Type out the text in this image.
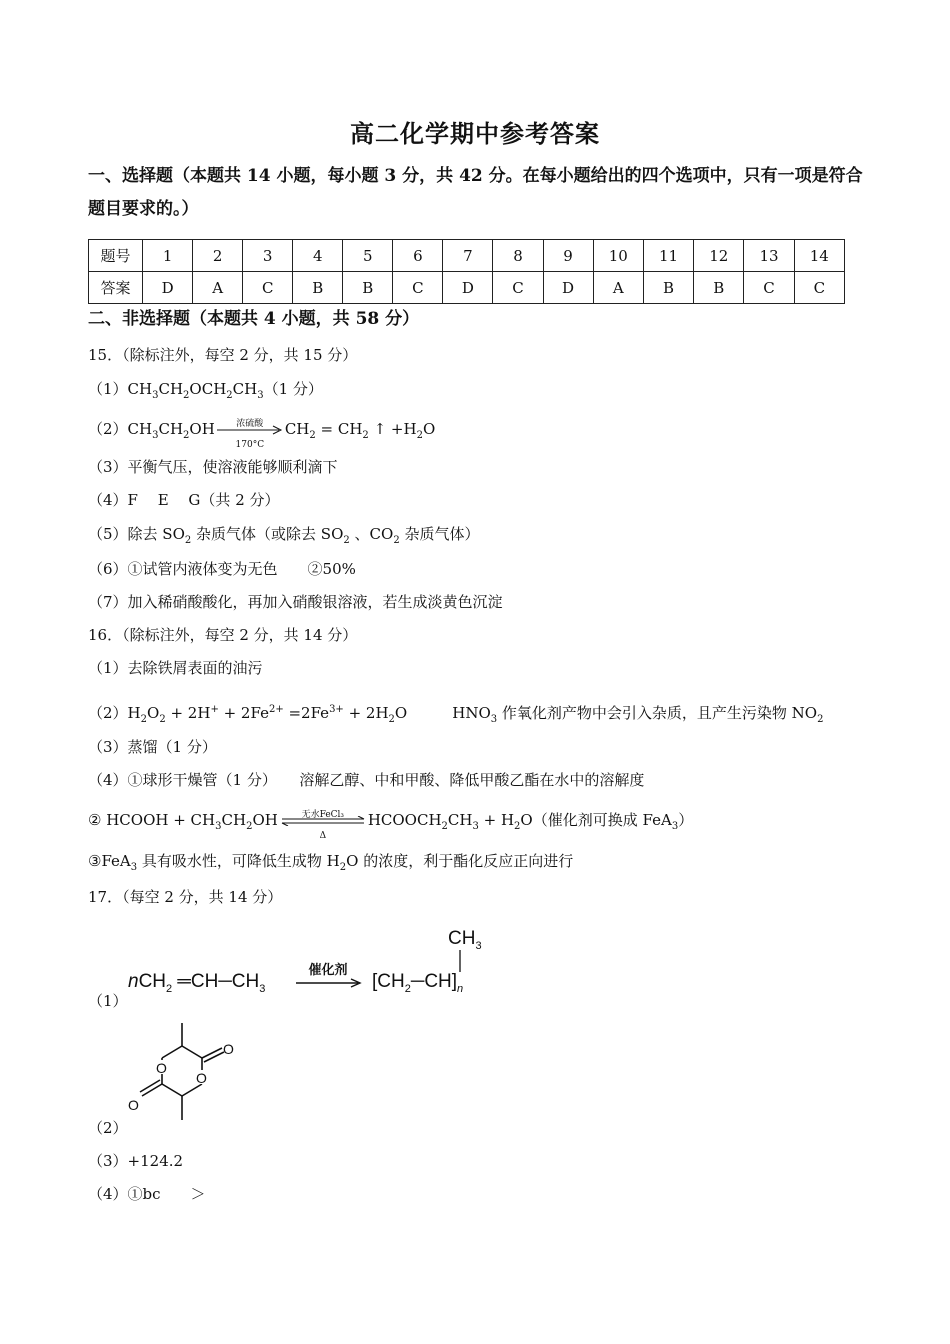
高二化学期中参考答案
一、选择题（本题共 14 小题，每小题 3 分，共 42 分。在每小题给出的四个选项中，只有一项是符合题目要求的。）
题号	1	2	3	4	5	6	7	8	9	10	11	12	13	14
答案	D	A	C	B	B	C	D	C	D	A	B	B	C	C
二、非选择题（本题共 4 小题，共 58 分）
15．（除标注外，每空 2 分，共 15 分）
$(1)CH_3CH_2OCH_2CH_3(1$ 分）
$(2)CH_3CH_2OH$	浓硫酸
170°C
$CH_2 = CH_2$ ↑ $+H_2O$
（3）平衡气压，使溶液能够顺利滴下
（4）F　 E　 G（共 2 分）
（5）除去 $SO_2$ 杂质气体（或除去 $SO_2$ 、$CO_2$ 杂质气体）
（6）①试管内液体变为无色　　②50%
（7）加入稀硝酸酸化，再加入硝酸银溶液，若生成淡黄色沉淀
16．（除标注外，每空 2 分，共 14 分）
（1）去除铁屑表面的油污
$(2)H_2O_2 + 2H^+ + 2Fe^{2+} =2Fe^{3+} + 2H_2O$　　　$HNO_3$ 作氧化剂产物中会引入杂质，且产生污染物 $NO_2$
（3）蒸馏（1 分）
（4）①球形干燥管（1 分）　　溶解乙醇、中和甲酸、降低甲酸乙酯在水中的溶解度
② HCOOH + $CH_3CH_2OH$	无水FeCl₃
Δ
$HCOOCH_2CH_3 + H_2O$（催化剂可换成 FeA$_3$）
③FeA$_3$ 具有吸水性，可降低生成物 $H_2O$ 的浓度，利于酯化反应正向进行
17．（每空 2 分，共 14 分）
nCH$_2$ $═CH─CH_3$
催化剂
$[CH_2─CH]_n$
$CH_3$
（1）
O
O
O
O
（2）
（3）+124.2
（4）①bc　　＞
